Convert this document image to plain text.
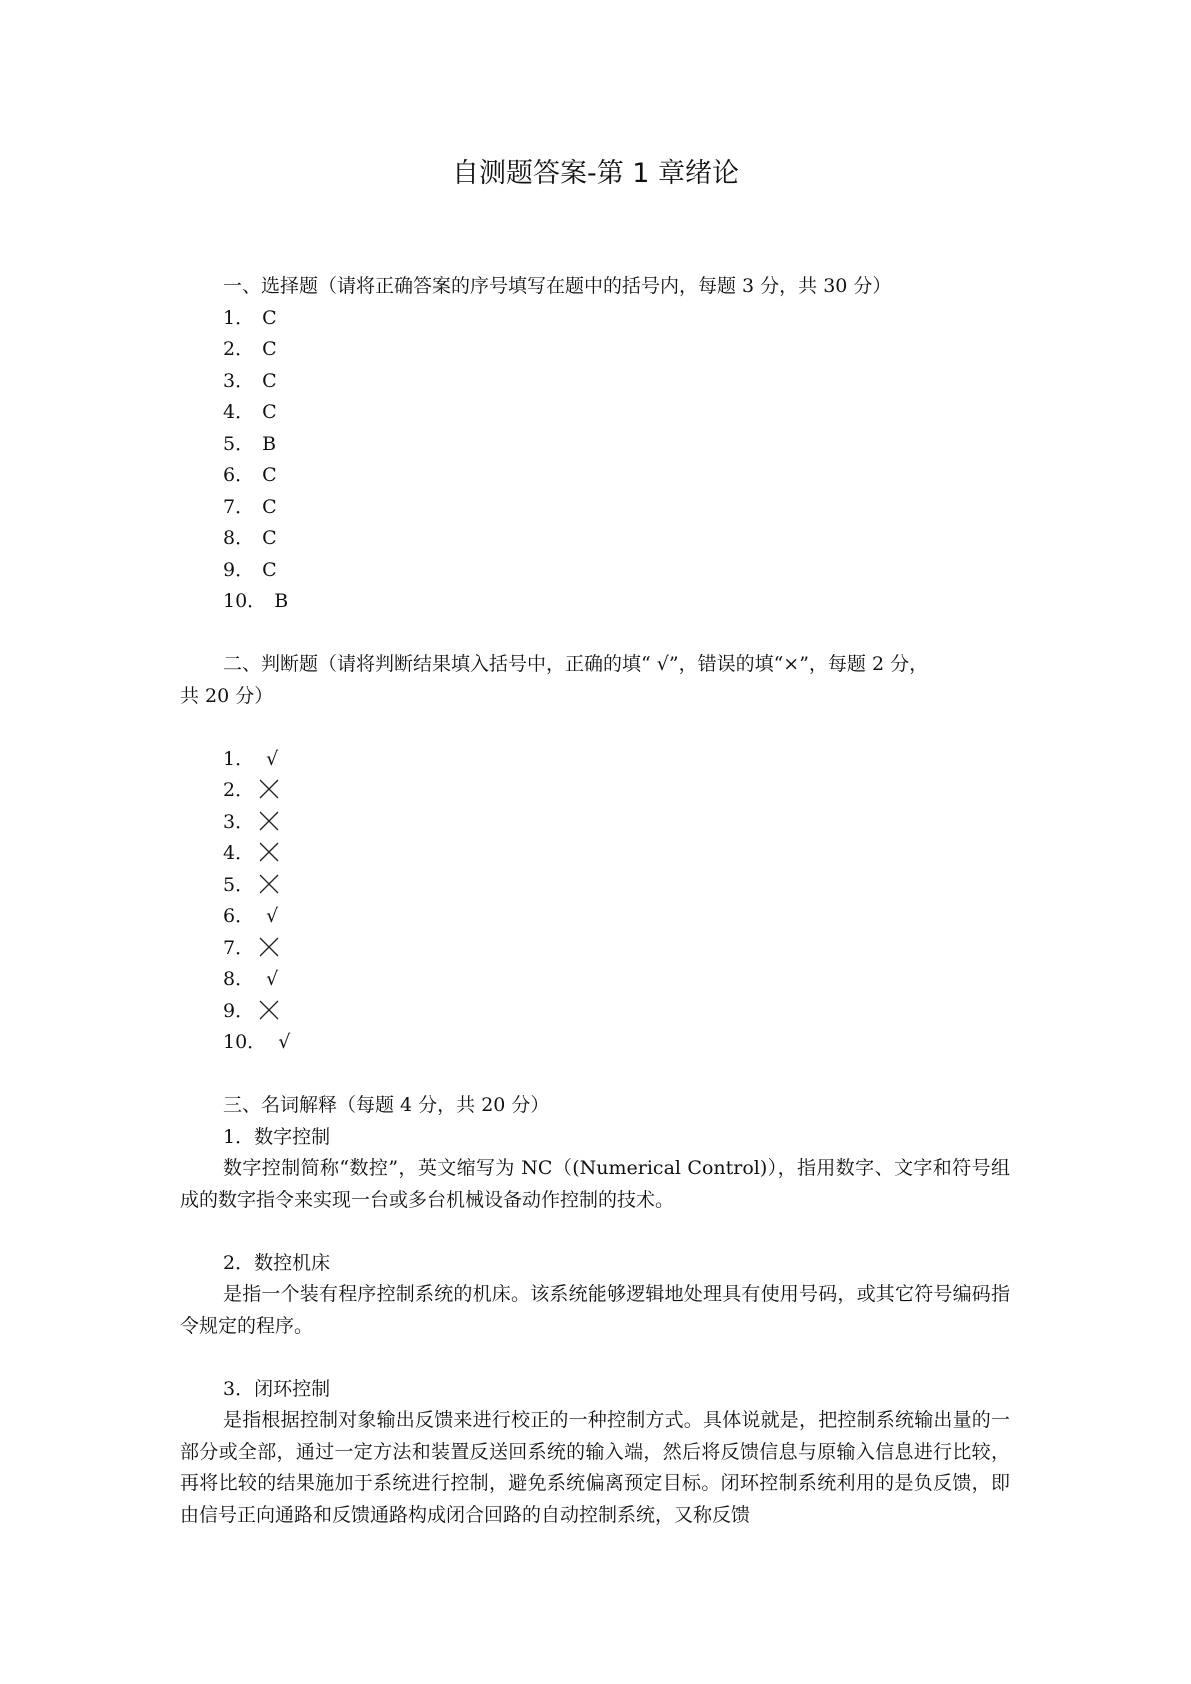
自测题答案-第 1 章绪论

一、选择题（请将正确答案的序号填写在题中的括号内，每题 3 分，共 30 分）

1． C
2． C
3． C
4． C
5． B
6． C
7． C
8． C
9． C
10． B

二、判断题（请将判断结果填入括号中，正确的填“ √”，错误的填“×”，每题 2 分，
共 20 分）

1． √
2．
3．
4．
5．
6． √
7．
8． √
9．
10． √

三、名词解释（每题 4 分，共 20 分）

1．数字控制

数字控制简称“数控”，英文缩写为 NC（(Numerical Control)），指用数字、文字和符号组成的数字指令来实现一台或多台机械设备动作控制的技术。

2．数控机床

是指一个装有程序控制系统的机床。该系统能够逻辑地处理具有使用号码，或其它符号编码指令规定的程序。

3．闭环控制

是指根据控制对象输出反馈来进行校正的一种控制方式。具体说就是，把控制系统输出量的一部分或全部，通过一定方法和装置反送回系统的输入端，然后将反馈信息与原输入信息进行比较，再将比较的结果施加于系统进行控制，避免系统偏离预定目标。闭环控制系统利用的是负反馈，即由信号正向通路和反馈通路构成闭合回路的自动控制系统，又称反馈
